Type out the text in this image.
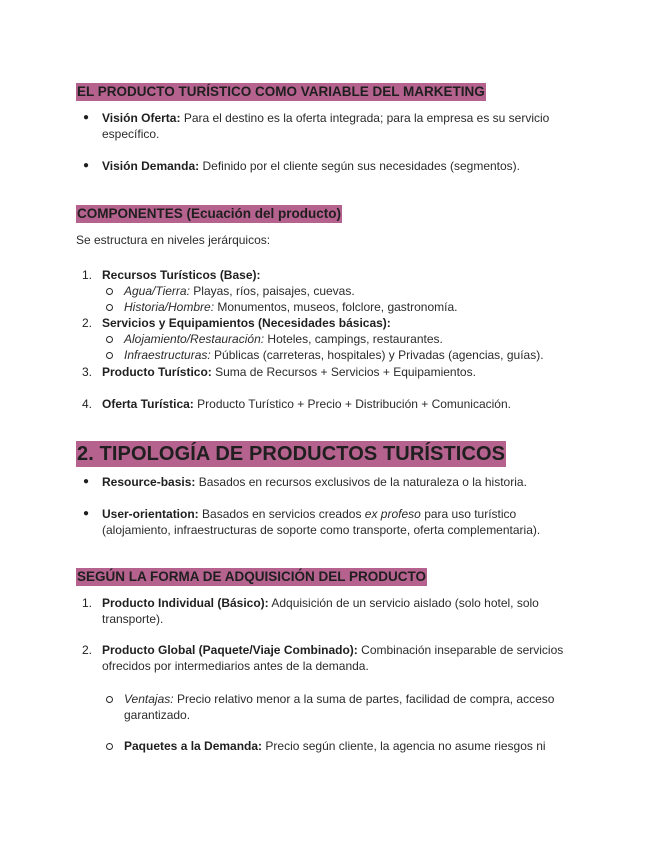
EL PRODUCTO TURÍSTICO COMO VARIABLE DEL MARKETING
● Visión Oferta: Para el destino es la oferta integrada; para la empresa es su servicio
específico.
● Visión Demanda: Definido por el cliente según sus necesidades (segmentos).
COMPONENTES (Ecuación del producto)
Se estructura en niveles jerárquicos:
1. Recursos Turísticos (Base):
Agua/Tierra: Playas, ríos, paisajes, cuevas.
Historia/Hombre: Monumentos, museos, folclore, gastronomía.
2. Servicios y Equipamientos (Necesidades básicas):
Alojamiento/Restauración: Hoteles, campings, restaurantes.
Infraestructuras: Públicas (carreteras, hospitales) y Privadas (agencias, guías).
3. Producto Turístico: Suma de Recursos + Servicios + Equipamientos.
4. Oferta Turística: Producto Turístico + Precio + Distribución + Comunicación.
2. TIPOLOGÍA DE PRODUCTOS TURÍSTICOS
● Resource-basis: Basados en recursos exclusivos de la naturaleza o la historia.
● User-orientation: Basados en servicios creados ex profeso para uso turístico
(alojamiento, infraestructuras de soporte como transporte, oferta complementaria).
SEGÚN LA FORMA DE ADQUISICIÓN DEL PRODUCTO
1. Producto Individual (Básico): Adquisición de un servicio aislado (solo hotel, solo
transporte).
2. Producto Global (Paquete/Viaje Combinado): Combinación inseparable de servicios
ofrecidos por intermediarios antes de la demanda.
Ventajas: Precio relativo menor a la suma de partes, facilidad de compra, acceso
garantizado.
Paquetes a la Demanda: Precio según cliente, la agencia no asume riesgos ni
